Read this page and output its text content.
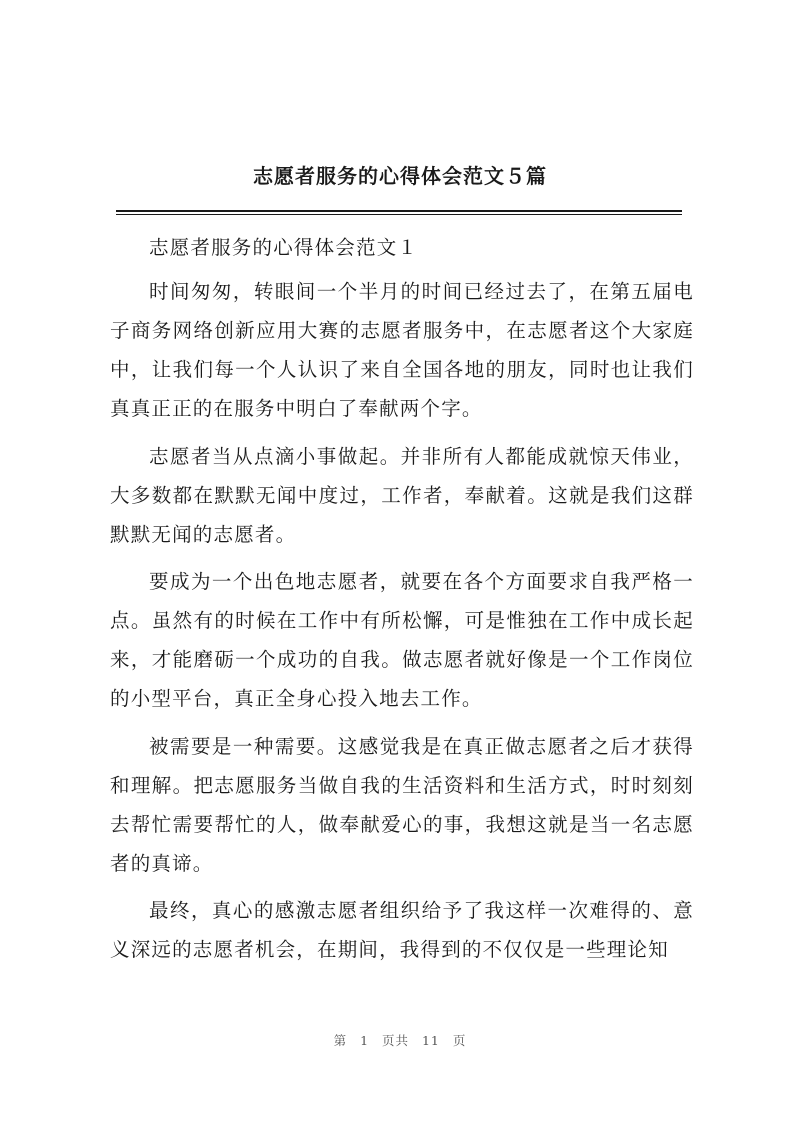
志愿者服务的心得体会范文５篇

志愿者服务的心得体会范文１

时间匆匆，转眼间一个半月的时间已经过去了，在第五届电子商务网络创新应用大赛的志愿者服务中，在志愿者这个大家庭中，让我们每一个人认识了来自全国各地的朋友，同时也让我们真真正正的在服务中明白了奉献两个字。

志愿者当从点滴小事做起。并非所有人都能成就惊天伟业，大多数都在默默无闻中度过，工作者，奉献着。这就是我们这群默默无闻的志愿者。

要成为一个出色地志愿者，就要在各个方面要求自我严格一点。虽然有的时候在工作中有所松懈，可是惟独在工作中成长起来，才能磨砺一个成功的自我。做志愿者就好像是一个工作岗位的小型平台，真正全身心投入地去工作。

被需要是一种需要。这感觉我是在真正做志愿者之后才获得和理解。把志愿服务当做自我的生活资料和生活方式，时时刻刻去帮忙需要帮忙的人，做奉献爱心的事，我想这就是当一名志愿者的真谛。

最终，真心的感激志愿者组织给予了我这样一次难得的、意义深远的志愿者机会，在期间，我得到的不仅仅是一些理论知

第 1 页共 11 页
